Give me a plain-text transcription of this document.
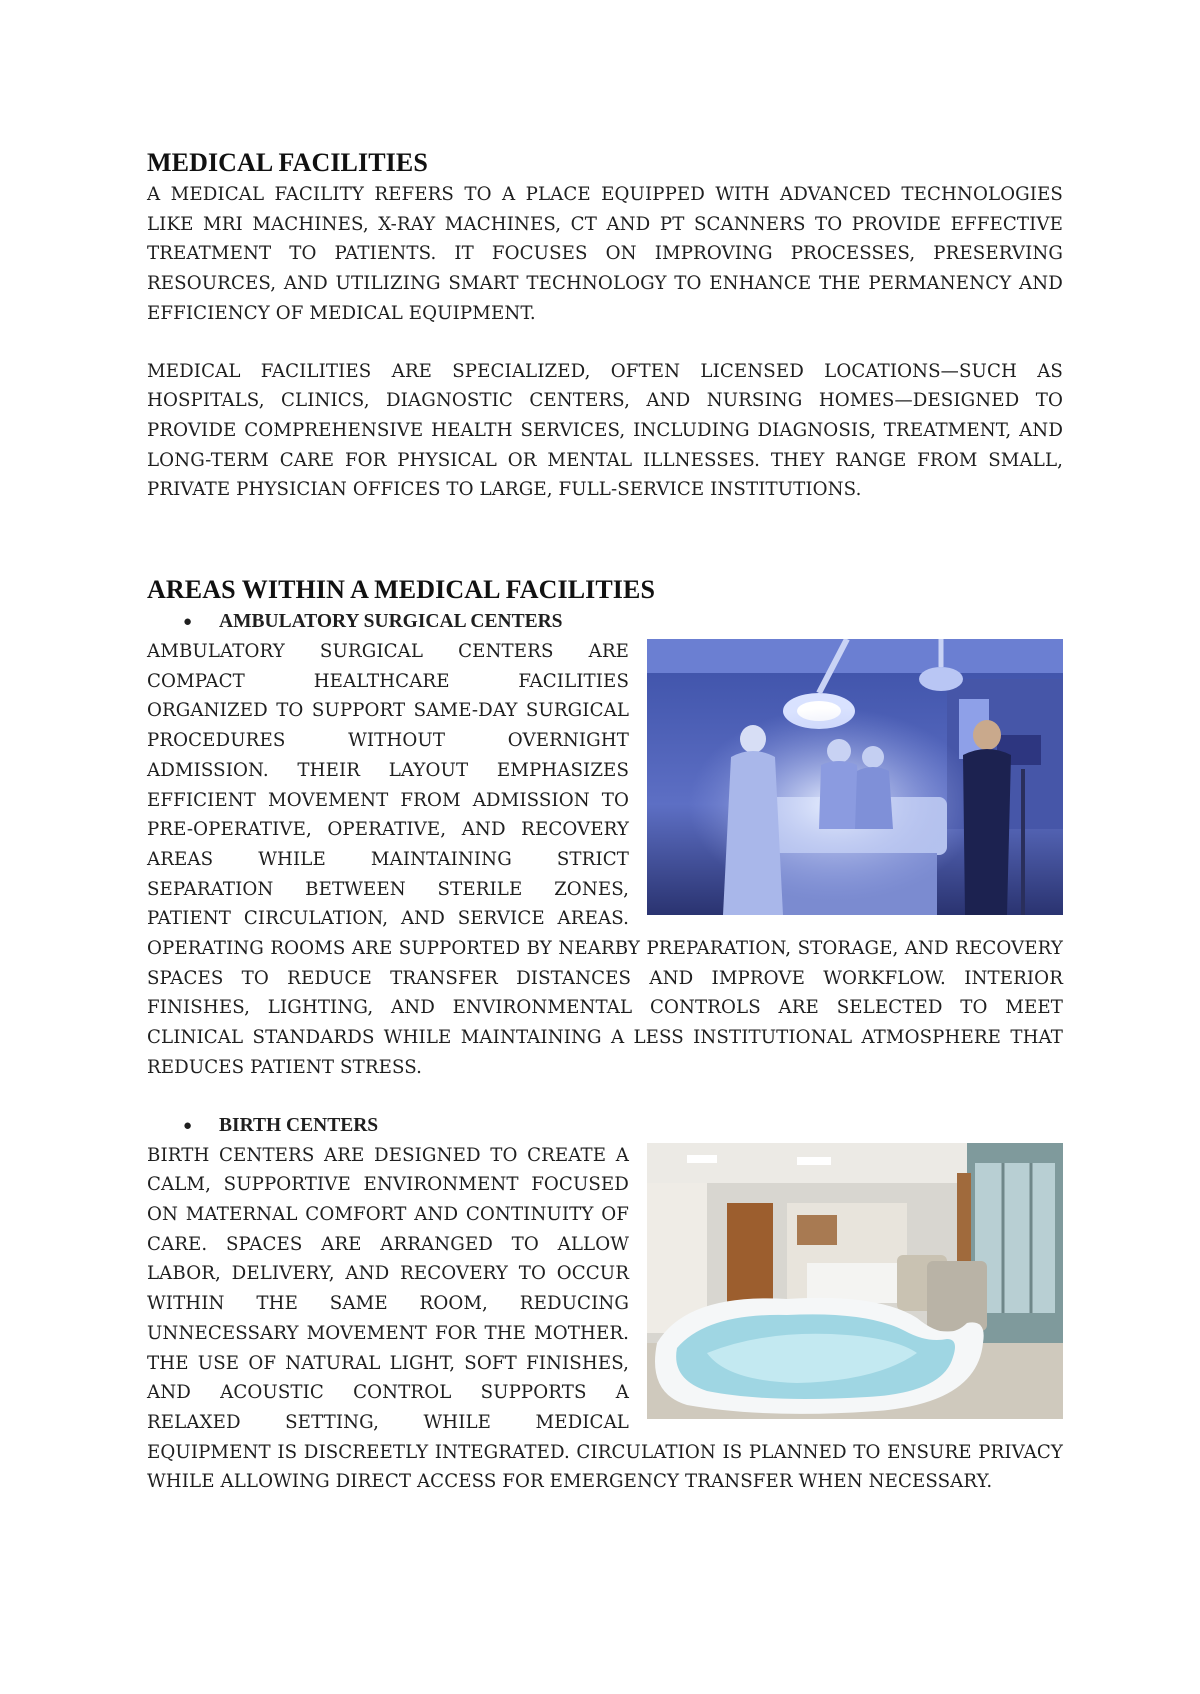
MEDICAL FACILITIES

A MEDICAL FACILITY REFERS TO A PLACE EQUIPPED WITH ADVANCED TECHNOLOGIES LIKE MRI MACHINES, X-RAY MACHINES, CT AND PT SCANNERS TO PROVIDE EFFECTIVE TREATMENT TO PATIENTS. IT FOCUSES ON IMPROVING PROCESSES, PRESERVING RESOURCES, AND UTILIZING SMART TECHNOLOGY TO ENHANCE THE PERMANENCY AND EFFICIENCY OF MEDICAL EQUIPMENT.

MEDICAL FACILITIES ARE SPECIALIZED, OFTEN LICENSED LOCATIONS—SUCH AS HOSPITALS, CLINICS, DIAGNOSTIC CENTERS, AND NURSING HOMES—DESIGNED TO PROVIDE COMPREHENSIVE HEALTH SERVICES, INCLUDING DIAGNOSIS, TREATMENT, AND LONG-TERM CARE FOR PHYSICAL OR MENTAL ILLNESSES. THEY RANGE FROM SMALL, PRIVATE PHYSICIAN OFFICES TO LARGE, FULL-SERVICE INSTITUTIONS.

AREAS WITHIN A MEDICAL FACILITIES
● AMBULATORY SURGICAL CENTERS

AMBULATORY SURGICAL CENTERS ARE COMPACT HEALTHCARE FACILITIES ORGANIZED TO SUPPORT SAME-DAY SURGICAL PROCEDURES WITHOUT OVERNIGHT ADMISSION. THEIR LAYOUT EMPHASIZES EFFICIENT MOVEMENT FROM ADMISSION TO PRE-OPERATIVE, OPERATIVE, AND RECOVERY AREAS WHILE MAINTAINING STRICT SEPARATION BETWEEN STERILE ZONES, PATIENT CIRCULATION, AND SERVICE AREAS. OPERATING ROOMS ARE SUPPORTED BY NEARBY PREPARATION, STORAGE, AND RECOVERY SPACES TO REDUCE TRANSFER DISTANCES AND IMPROVE WORKFLOW. INTERIOR FINISHES, LIGHTING, AND ENVIRONMENTAL CONTROLS ARE SELECTED TO MEET CLINICAL STANDARDS WHILE MAINTAINING A LESS INSTITUTIONAL ATMOSPHERE THAT REDUCES PATIENT STRESS.

● BIRTH CENTERS

BIRTH CENTERS ARE DESIGNED TO CREATE A CALM, SUPPORTIVE ENVIRONMENT FOCUSED ON MATERNAL COMFORT AND CONTINUITY OF CARE. SPACES ARE ARRANGED TO ALLOW LABOR, DELIVERY, AND RECOVERY TO OCCUR WITHIN THE SAME ROOM, REDUCING UNNECESSARY MOVEMENT FOR THE MOTHER. THE USE OF NATURAL LIGHT, SOFT FINISHES, AND ACOUSTIC CONTROL SUPPORTS A RELAXED SETTING, WHILE MEDICAL EQUIPMENT IS DISCREETLY INTEGRATED. CIRCULATION IS PLANNED TO ENSURE PRIVACY WHILE ALLOWING DIRECT ACCESS FOR EMERGENCY TRANSFER WHEN NECESSARY.
